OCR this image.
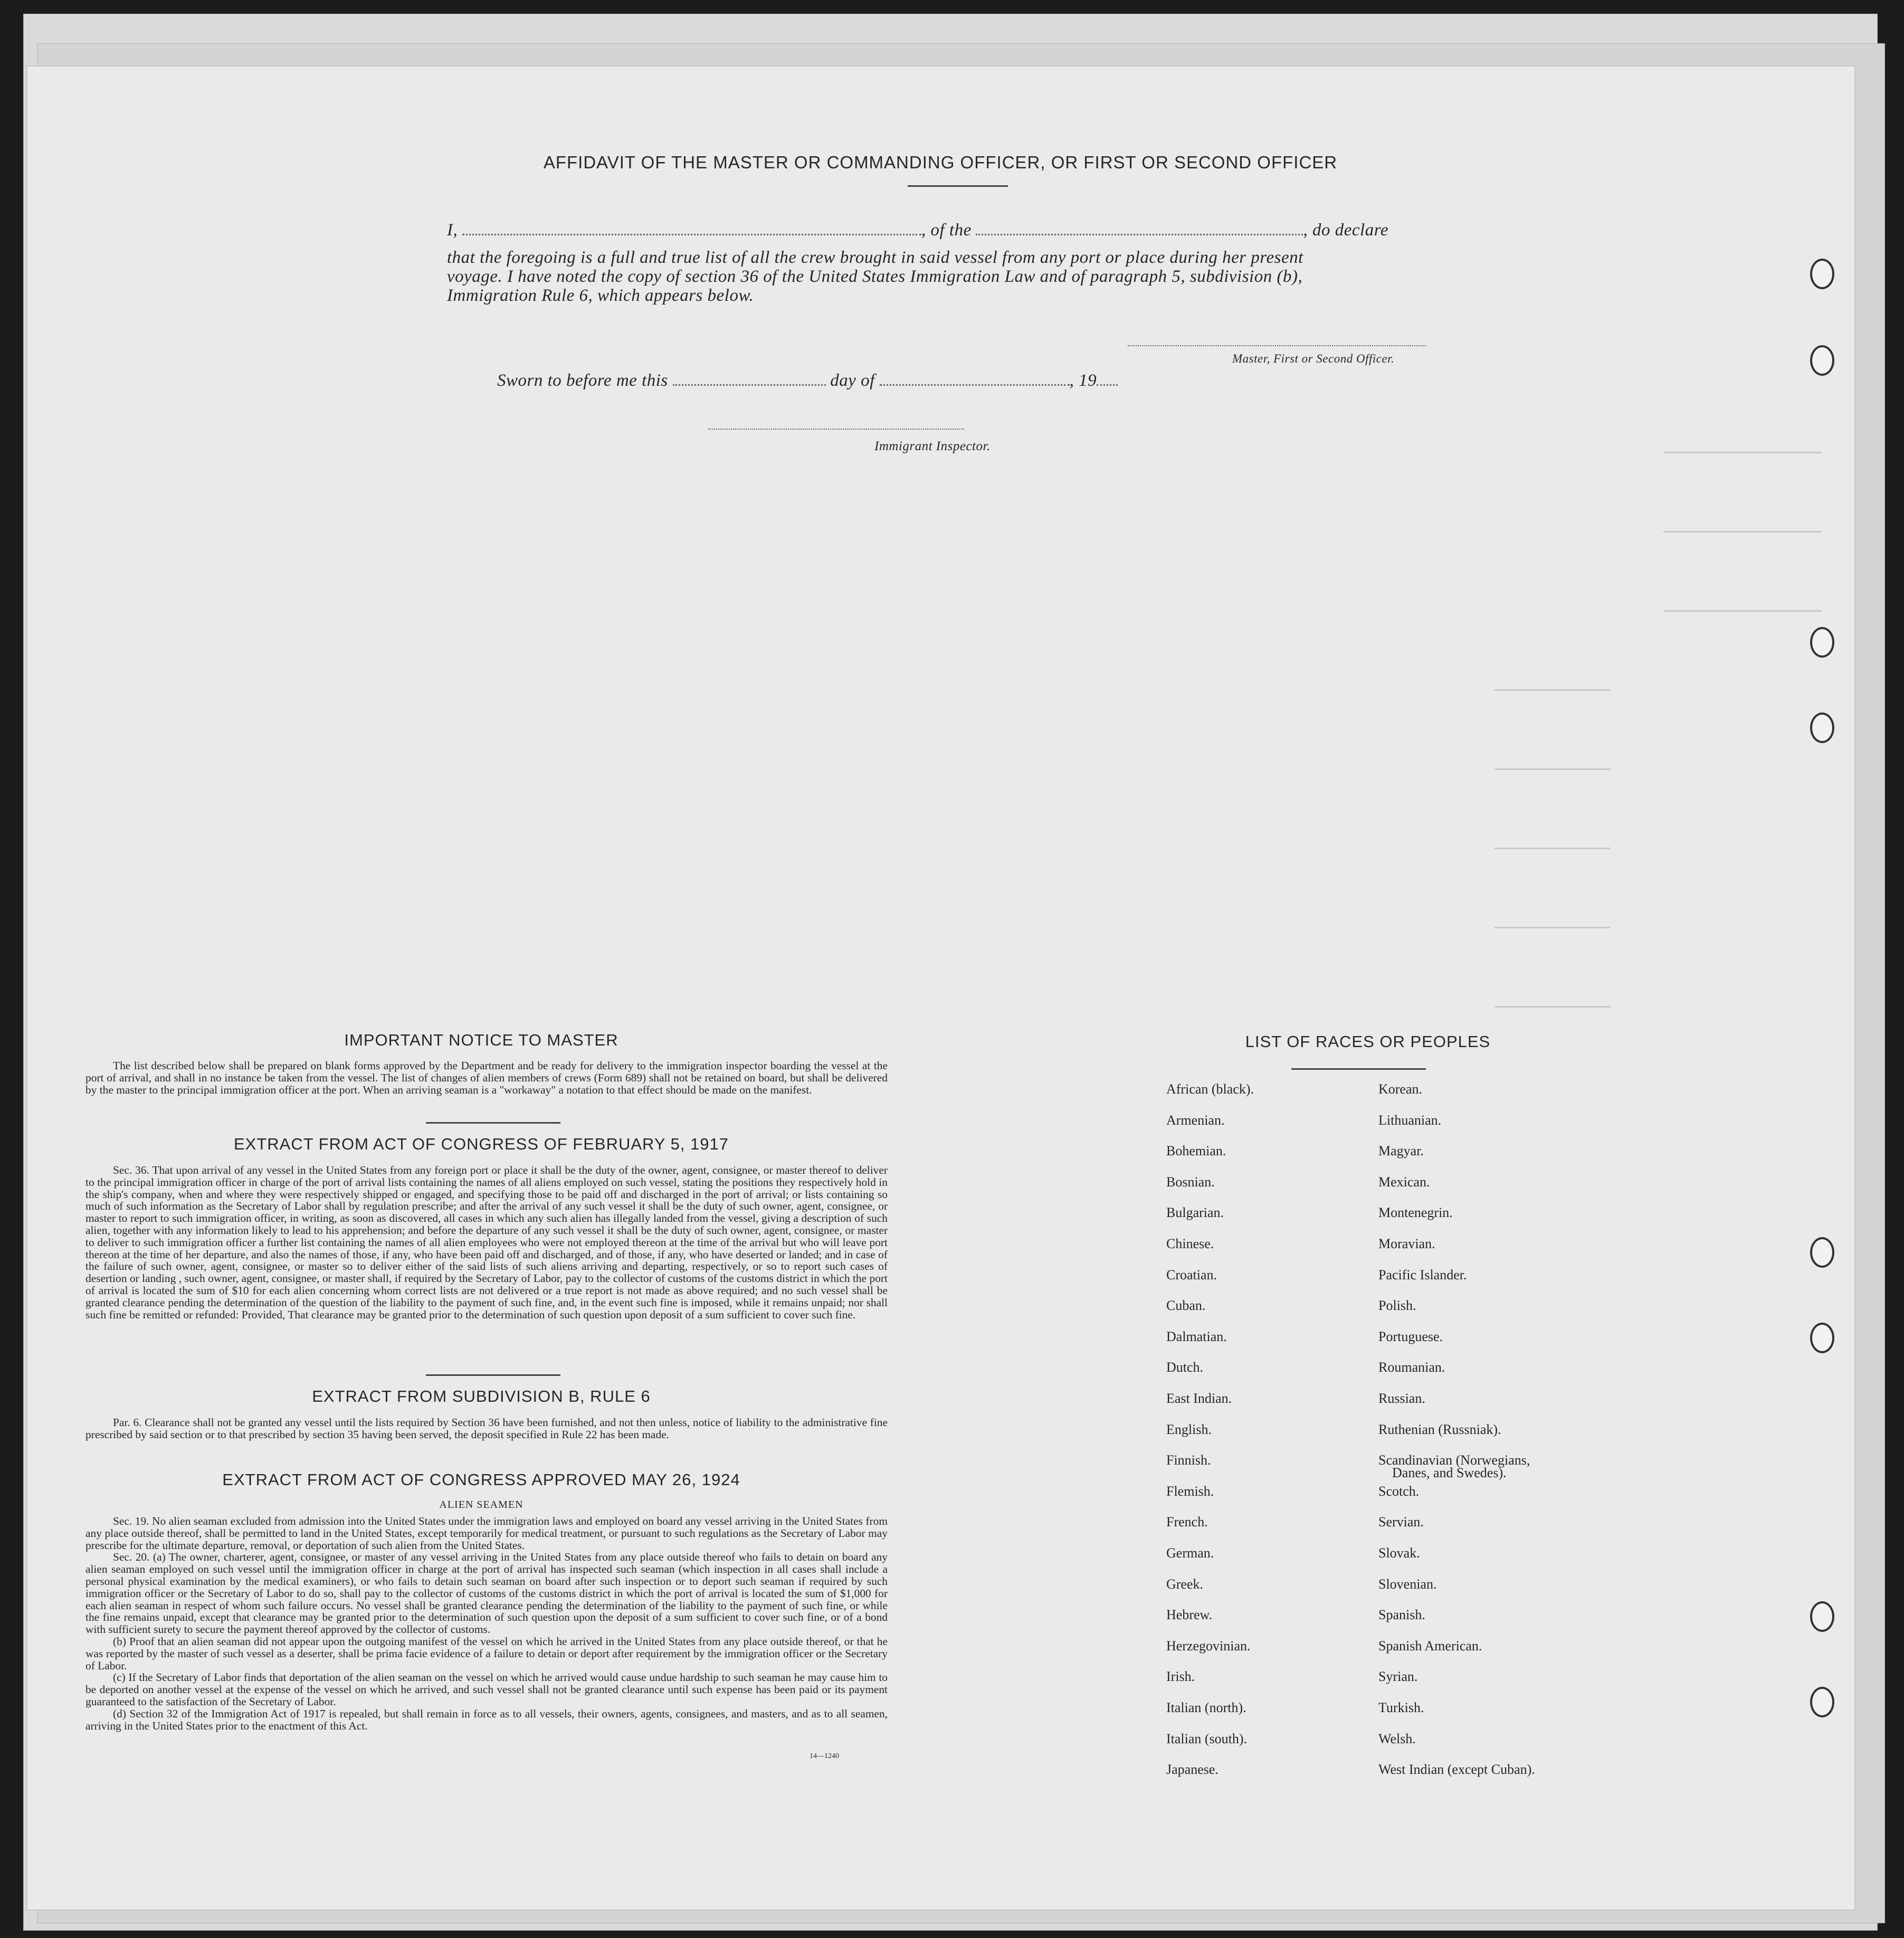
AFFIDAVIT OF THE MASTER OR COMMANDING OFFICER, OR FIRST OR SECOND OFFICER
I,	, of the	, do declare
that the foregoing is a full and true list of all the crew brought in said vessel from any port or place during her present
voyage. I have noted the copy of section 36 of the United States Immigration Law and of paragraph 5, subdivision (b),
Immigration Rule 6, which appears below.
Master, First or Second Officer.
Sworn to before me this	day of	, 19
Immigrant Inspector.
IMPORTANT NOTICE TO MASTER

The list described below shall be prepared on blank forms approved by the Department and be ready for delivery to the immigration inspector boarding the vessel at the port of arrival, and shall in no instance be taken from the vessel. The list of changes of alien members of crews (Form 689) shall not be retained on board, but shall be delivered by the master to the principal immigration officer at the port. When an arriving seaman is a "workaway" a notation to that effect should be made on the manifest.

EXTRACT FROM ACT OF CONGRESS OF FEBRUARY 5, 1917

Sec. 36. That upon arrival of any vessel in the United States from any foreign port or place it shall be the duty of the owner, agent, consignee, or master thereof to deliver to the principal immigration officer in charge of the port of arrival lists containing the names of all aliens employed on such vessel, stating the positions they respectively hold in the ship's company, when and where they were respectively shipped or engaged, and specifying those to be paid off and discharged in the port of arrival; or lists containing so much of such information as the Secretary of Labor shall by regulation prescribe; and after the arrival of any such vessel it shall be the duty of such owner, agent, consignee, or master to report to such immigration officer, in writing, as soon as discovered, all cases in which any such alien has illegally landed from the vessel, giving a description of such alien, together with any information likely to lead to his apprehension; and before the departure of any such vessel it shall be the duty of such owner, agent, consignee, or master to deliver to such immigration officer a further list containing the names of all alien employees who were not employed thereon at the time of the arrival but who will leave port thereon at the time of her departure, and also the names of those, if any, who have been paid off and discharged, and of those, if any, who have deserted or landed; and in case of the failure of such owner, agent, consignee, or master so to deliver either of the said lists of such aliens arriving and departing, respectively, or so to report such cases of desertion or landing , such owner, agent, consignee, or master shall, if required by the Secretary of Labor, pay to the collector of customs of the customs district in which the port of arrival is located the sum of $10 for each alien concerning whom correct lists are not delivered or a true report is not made as above required; and no such vessel shall be granted clearance pending the determination of the question of the liability to the payment of such fine, and, in the event such fine is imposed, while it remains unpaid; nor shall such fine be remitted or refunded: Provided, That clearance may be granted prior to the determination of such question upon deposit of a sum sufficient to cover such fine.

EXTRACT FROM SUBDIVISION B, RULE 6

Par. 6. Clearance shall not be granted any vessel until the lists required by Section 36 have been furnished, and not then unless, notice of liability to the administrative fine prescribed by said section or to that prescribed by section 35 having been served, the deposit specified in Rule 22 has been made.

EXTRACT FROM ACT OF CONGRESS APPROVED MAY 26, 1924
ALIEN SEAMEN

Sec. 19. No alien seaman excluded from admission into the United States under the immigration laws and employed on board any vessel arriving in the United States from any place outside thereof, shall be permitted to land in the United States, except temporarily for medical treatment, or pursuant to such regulations as the Secretary of Labor may prescribe for the ultimate departure, removal, or deportation of such alien from the United States.

Sec. 20. (a) The owner, charterer, agent, consignee, or master of any vessel arriving in the United States from any place outside thereof who fails to detain on board any alien seaman employed on such vessel until the immigration officer in charge at the port of arrival has inspected such seaman (which inspection in all cases shall include a personal physical examination by the medical examiners), or who fails to detain such seaman on board after such inspection or to deport such seaman if required by such immigration officer or the Secretary of Labor to do so, shall pay to the collector of customs of the customs district in which the port of arrival is located the sum of $1,000 for each alien seaman in respect of whom such failure occurs. No vessel shall be granted clearance pending the determination of the liability to the payment of such fine, or while the fine remains unpaid, except that clearance may be granted prior to the determination of such question upon the deposit of a sum sufficient to cover such fine, or of a bond with sufficient surety to secure the payment thereof approved by the collector of customs.

(b) Proof that an alien seaman did not appear upon the outgoing manifest of the vessel on which he arrived in the United States from any place outside thereof, or that he was reported by the master of such vessel as a deserter, shall be prima facie evidence of a failure to detain or deport after requirement by the immigration officer or the Secretary of Labor.

(c) If the Secretary of Labor finds that deportation of the alien seaman on the vessel on which he arrived would cause undue hardship to such seaman he may cause him to be deported on another vessel at the expense of the vessel on which he arrived, and such vessel shall not be granted clearance until such expense has been paid or its payment guaranteed to the satisfaction of the Secretary of Labor.

(d) Section 32 of the Immigration Act of 1917 is repealed, but shall remain in force as to all vessels, their owners, agents, consignees, and masters, and as to all seamen, arriving in the United States prior to the enactment of this Act.

14—1240
LIST OF RACES OR PEOPLES
African (black).
Armenian.
Bohemian.
Bosnian.
Bulgarian.
Chinese.
Croatian.
Cuban.
Dalmatian.
Dutch.
East Indian.
English.
Finnish.
Flemish.
French.
German.
Greek.
Hebrew.
Herzegovinian.
Irish.
Italian (north).
Italian (south).
Japanese.
Korean.
Lithuanian.
Magyar.
Mexican.
Montenegrin.
Moravian.
Pacific Islander.
Polish.
Portuguese.
Roumanian.
Russian.
Ruthenian (Russniak).
Scandinavian (Norwegians,
Danes, and Swedes).
Scotch.
Servian.
Slovak.
Slovenian.
Spanish.
Spanish American.
Syrian.
Turkish.
Welsh.
West Indian (except Cuban).
